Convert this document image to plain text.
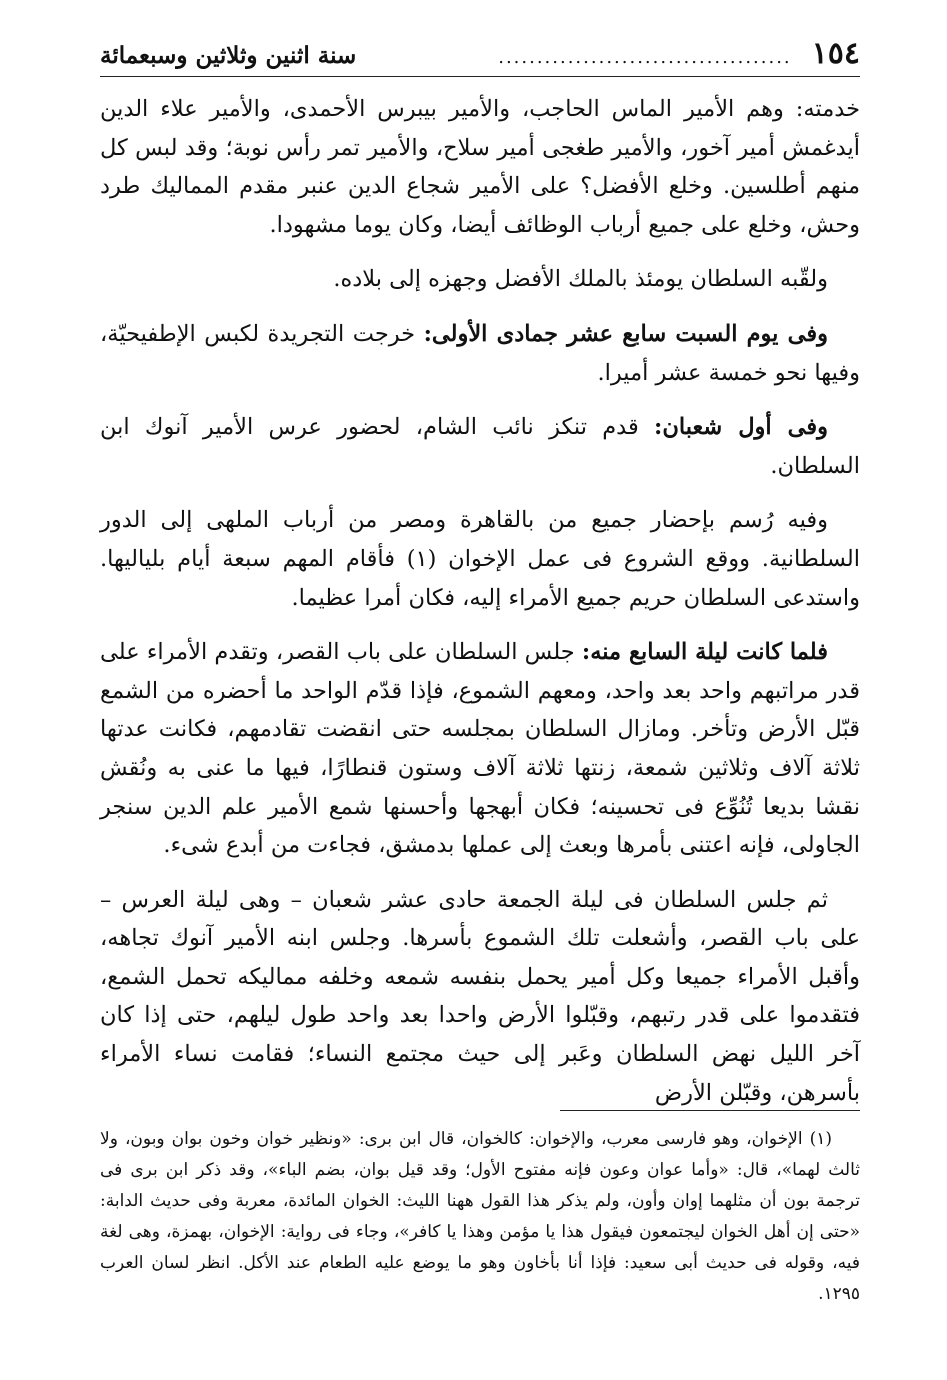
١٥٤
......................................
سنة اثنين وثلاثين وسبعمائة

خدمته: وهم الأمير الماس الحاجب، والأمير بيبرس الأحمدى، والأمير علاء الدين أيدغمش أمير آخور، والأمير طغجى أمير سلاح، والأمير تمر رأس نوبة؛ وقد لبس كل منهم أطلسين. وخلع الأفضل؟ على الأمير شجاع الدين عنبر مقدم المماليك طرد وحش، وخلع على جميع أرباب الوظائف أيضا، وكان يوما مشهودا.

ولقّبه السلطان يومئذ بالملك الأفضل وجهزه إلى بلاده.

وفى يوم السبت سابع عشر جمادى الأولى: خرجت التجريدة لكبس الإطفيحيّة، وفيها نحو خمسة عشر أميرا.

وفى أول شعبان: قدم تنكز نائب الشام، لحضور عرس الأمير آنوك ابن السلطان.

وفيه رُسم بإحضار جميع من بالقاهرة ومصر من أرباب الملهى إلى الدور السلطانية. ووقع الشروع فى عمل الإخوان (١) فأقام المهم سبعة أيام بلياليها. واستدعى السلطان حريم جميع الأمراء إليه، فكان أمرا عظيما.

فلما كانت ليلة السابع منه: جلس السلطان على باب القصر، وتقدم الأمراء على قدر مراتبهم واحد بعد واحد، ومعهم الشموع، فإذا قدّم الواحد ما أحضره من الشمع قبّل الأرض وتأخر. ومازال السلطان بمجلسه حتى انقضت تقادمهم، فكانت عدتها ثلاثة آلاف وثلاثين شمعة، زنتها ثلاثة آلاف وستون قنطارًا، فيها ما عنى به ونُقش نقشا بديعا تُنُوِّع فى تحسينه؛ فكان أبهجها وأحسنها شمع الأمير علم الدين سنجر الجاولى، فإنه اعتنى بأمرها وبعث إلى عملها بدمشق، فجاءت من أبدع شىء.

ثم جلس السلطان فى ليلة الجمعة حادى عشر شعبان – وهى ليلة العرس – على باب القصر، وأشعلت تلك الشموع بأسرها. وجلس ابنه الأمير آنوك تجاهه، وأقبل الأمراء جميعا وكل أمير يحمل بنفسه شمعه وخلفه مماليكه تحمل الشمع، فتقدموا على قدر رتبهم، وقبّلوا الأرض واحدا بعد واحد طول ليلهم، حتى إذا كان آخر الليل نهض السلطان وعَبر إلى حيث مجتمع النساء؛ فقامت نساء الأمراء بأسرهن، وقبّلن الأرض

(١) الإخوان، وهو فارسى معرب، والإخوان: كالخوان، قال ابن برى: «ونظير خوان وخون بوان وبون، ولا ثالث لهما»، قال: «وأما عوان وعون فإنه مفتوح الأول؛ وقد قيل بوان، بضم الباء»، وقد ذكر ابن برى فى ترجمة بون أن مثلهما إوان وأون، ولم يذكر هذا القول ههنا الليث: الخوان المائدة، معربة وفى حديث الدابة: «حتى إن أهل الخوان ليجتمعون فيقول هذا يا مؤمن وهذا يا كافر»، وجاء فى رواية: الإخوان، بهمزة، وهى لغة فيه، وقوله فى حديث أبى سعيد: فإذا أنا بأخاون وهو ما يوضع عليه الطعام عند الأكل. انظر لسان العرب ١٢٩٥.
